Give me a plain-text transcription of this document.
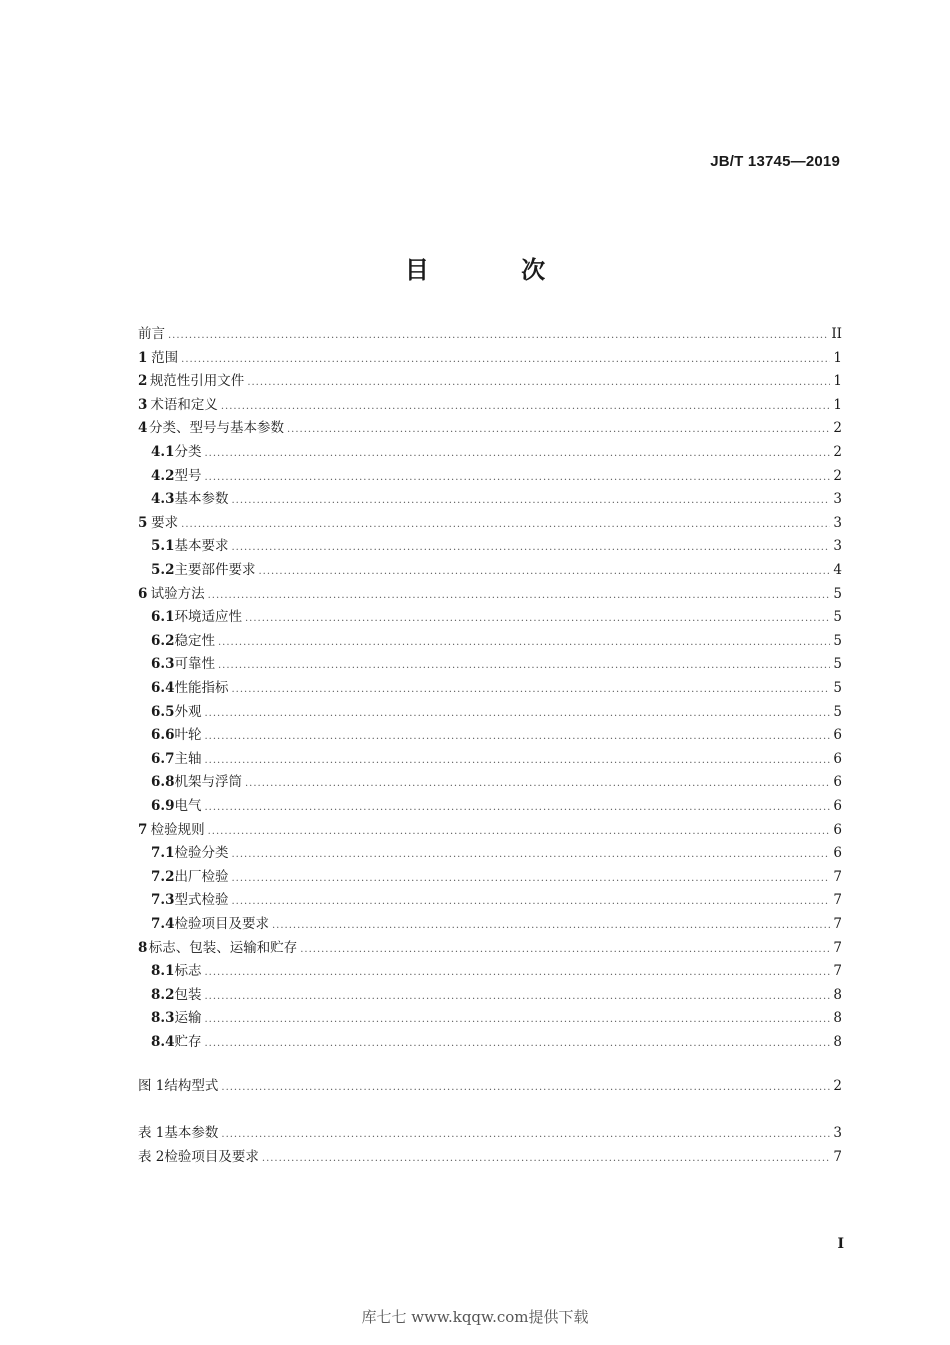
JB/T 13745—2019
目 次
前言 .....	II
1 范围 .....	1
2 规范性引用文件 .....	1
3 术语和定义 .....	1
4 分类、型号与基本参数 .....	2
4.1 分类 .....	2
4.2 型号 .....	2
4.3 基本参数 .....	3
5 要求 .....	3
5.1 基本要求 .....	3
5.2 主要部件要求 .....	4
6 试验方法 .....	5
6.1 环境适应性 .....	5
6.2 稳定性 .....	5
6.3 可靠性 .....	5
6.4 性能指标 .....	5
6.5 外观 .....	5
6.6 叶轮 .....	6
6.7 主轴 .....	6
6.8 机架与浮筒 .....	6
6.9 电气 .....	6
7 检验规则 .....	6
7.1 检验分类 .....	6
7.2 出厂检验 .....	7
7.3 型式检验 .....	7
7.4 检验项目及要求 .....	7
8 标志、包装、运输和贮存 .....	7
8.1 标志 .....	7
8.2 包装 .....	8
8.3 运输 .....	8
8.4 贮存 .....	8
图 1 结构型式 .....	2
表 1 基本参数 .....	3
表 2 检验项目及要求 .....	7
I
库七七 www.kqqw.com提供下载
